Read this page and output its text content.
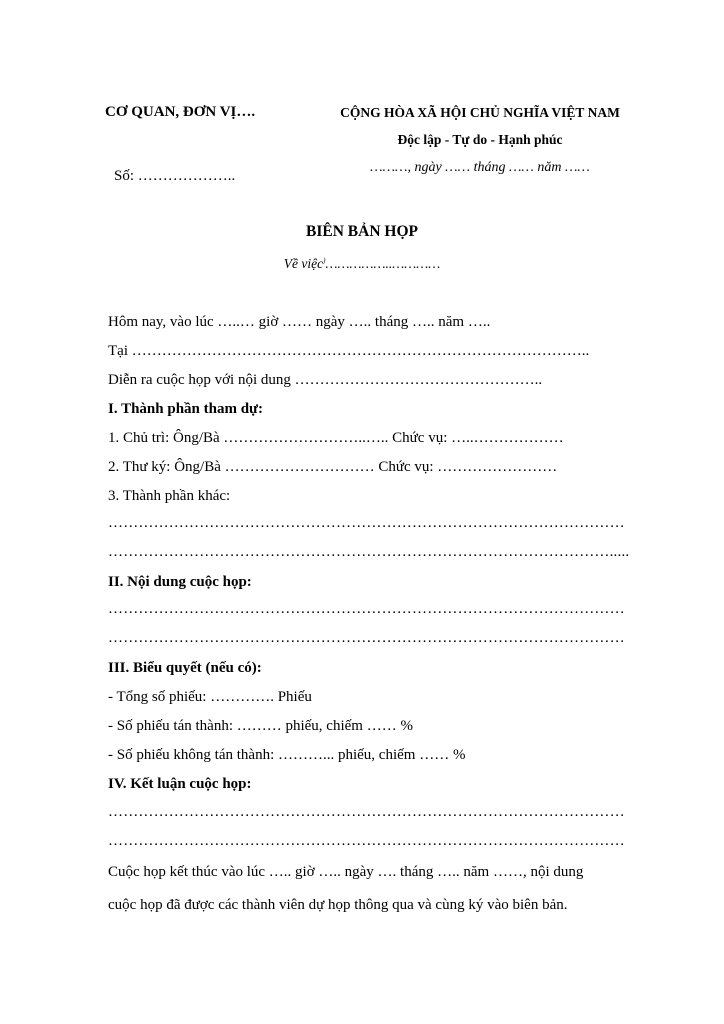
CƠ QUAN, ĐƠN VỊ….
Số: ………………..
CỘNG HÒA XÃ HỘI CHỦ NGHĨA VIỆT NAM
Độc lập - Tự do - Hạnh phúc
………, ngày …… tháng …… năm ……
BIÊN BẢN HỌP
Về việc)……………..…………
Hôm nay, vào lúc …..… giờ …… ngày ….. tháng ….. năm …..
Tại ………………………………………………………………………………..
Diễn ra cuộc họp với nội dung …………………………………………..
I. Thành phần tham dự:
1. Chủ trì: Ông/Bà ………………………..….. Chức vụ: …..………………
2. Thư ký: Ông/Bà ………………………… Chức vụ: ……………………
3. Thành phần khác:
…………………………………………………………………………………………
……………………………………………………………………………………….....
II. Nội dung cuộc họp:
…………………………………………………………………………………………
…………………………………………………………………………………………
III. Biểu quyết (nếu có):
- Tổng số phiếu: …………. Phiếu
- Số phiếu tán thành: ……… phiếu, chiếm …… %
- Số phiếu không tán thành: ………... phiếu, chiếm …… %
IV. Kết luận cuộc họp:
…………………………………………………………………………………………
…………………………………………………………………………………………
Cuộc họp kết thúc vào lúc ….. giờ ….. ngày …. tháng ….. năm ……, nội dung
cuộc họp đã được các thành viên dự họp thông qua và cùng ký vào biên bản.
